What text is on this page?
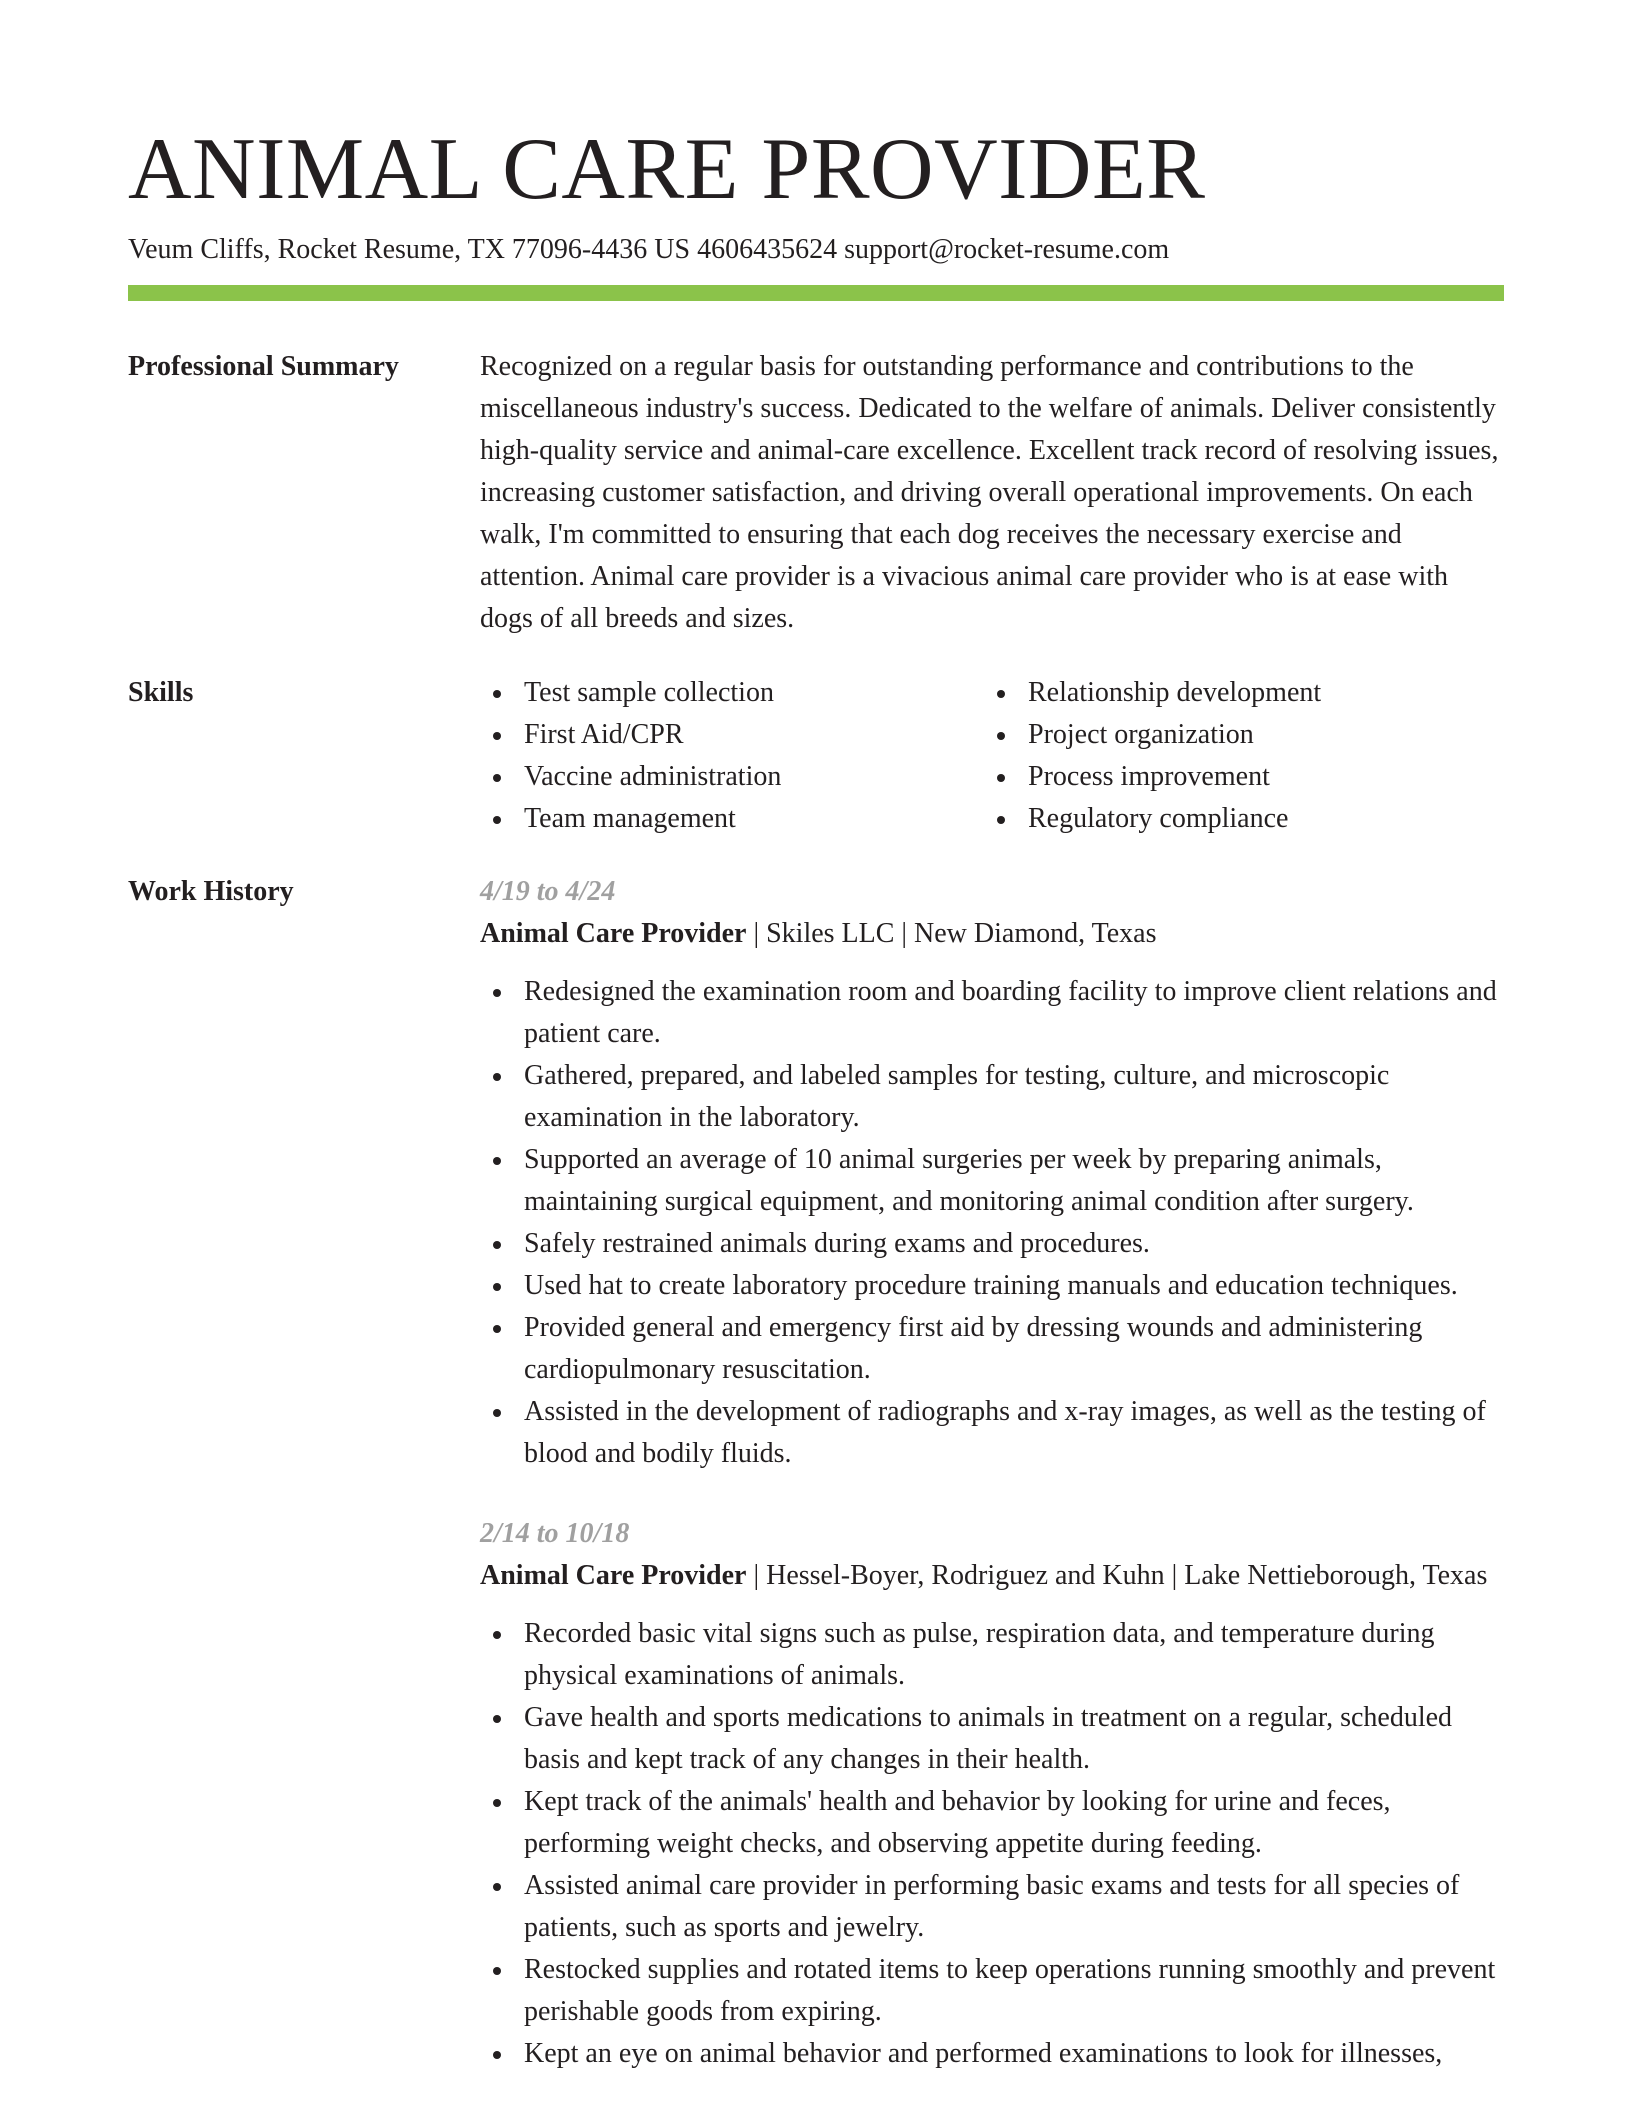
ANIMAL CARE PROVIDER
Veum Cliffs, Rocket Resume, TX 77096-4436 US 4606435624 support@rocket-resume.com
Professional Summary	Recognized on a regular basis for outstanding performance and contributions to the miscellaneous industry's success. Dedicated to the welfare of animals. Deliver consistently high-quality service and animal-care excellence. Excellent track record of resolving issues, increasing customer satisfaction, and driving overall operational improvements. On each walk, I'm committed to ensuring that each dog receives the necessary exercise and attention. Animal care provider is a vivacious animal care provider who is at ease with dogs of all breeds and sizes.
Skills	Test sample collection
First Aid/CPR
Vaccine administration
Team management
Relationship development
Project organization
Process improvement
Regulatory compliance
Work History	4/19 to 4/24
Animal Care Provider | Skiles LLC | New Diamond, Texas
Redesigned the examination room and boarding facility to improve client relations and patient care.
Gathered, prepared, and labeled samples for testing, culture, and microscopic examination in the laboratory.
Supported an average of 10 animal surgeries per week by preparing animals, maintaining surgical equipment, and monitoring animal condition after surgery.
Safely restrained animals during exams and procedures.
Used hat to create laboratory procedure training manuals and education techniques.
Provided general and emergency first aid by dressing wounds and administering cardiopulmonary resuscitation.
Assisted in the development of radiographs and x-ray images, as well as the testing of blood and bodily fluids.
2/14 to 10/18
Animal Care Provider | Hessel-Boyer, Rodriguez and Kuhn | Lake Nettieborough, Texas
Recorded basic vital signs such as pulse, respiration data, and temperature during physical examinations of animals.
Gave health and sports medications to animals in treatment on a regular, scheduled basis and kept track of any changes in their health.
Kept track of the animals' health and behavior by looking for urine and feces, performing weight checks, and observing appetite during feeding.
Assisted animal care provider in performing basic exams and tests for all species of patients, such as sports and jewelry.
Restocked supplies and rotated items to keep operations running smoothly and prevent perishable goods from expiring.
Kept an eye on animal behavior and performed examinations to look for illnesses,
